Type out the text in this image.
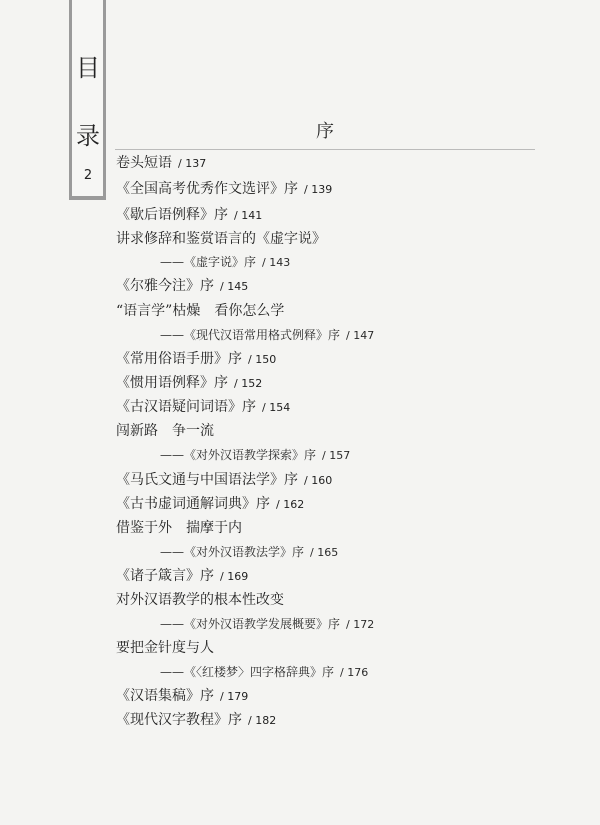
目
录
2
序
卷头短语 / 137
《全国高考优秀作文选评》序 / 139
《歇后语例释》序 / 141
讲求修辞和鉴赏语言的《虚字说》
——《虚字说》序 / 143
《尔雅今注》序 / 145
“语言学”枯燥　看你怎么学
——《现代汉语常用格式例释》序 / 147
《常用俗语手册》序 / 150
《惯用语例释》序 / 152
《古汉语疑问词语》序 / 154
闯新路　争一流
——《对外汉语教学探索》序 / 157
《马氏文通与中国语法学》序 / 160
《古书虚词通解词典》序 / 162
借鉴于外　揣摩于内
——《对外汉语教法学》序 / 165
《诸子箴言》序 / 169
对外汉语教学的根本性改变
——《对外汉语教学发展概要》序 / 172
要把金针度与人
——《〈红楼梦〉四字格辞典》序 / 176
《汉语集稿》序 / 179
《现代汉字教程》序 / 182
